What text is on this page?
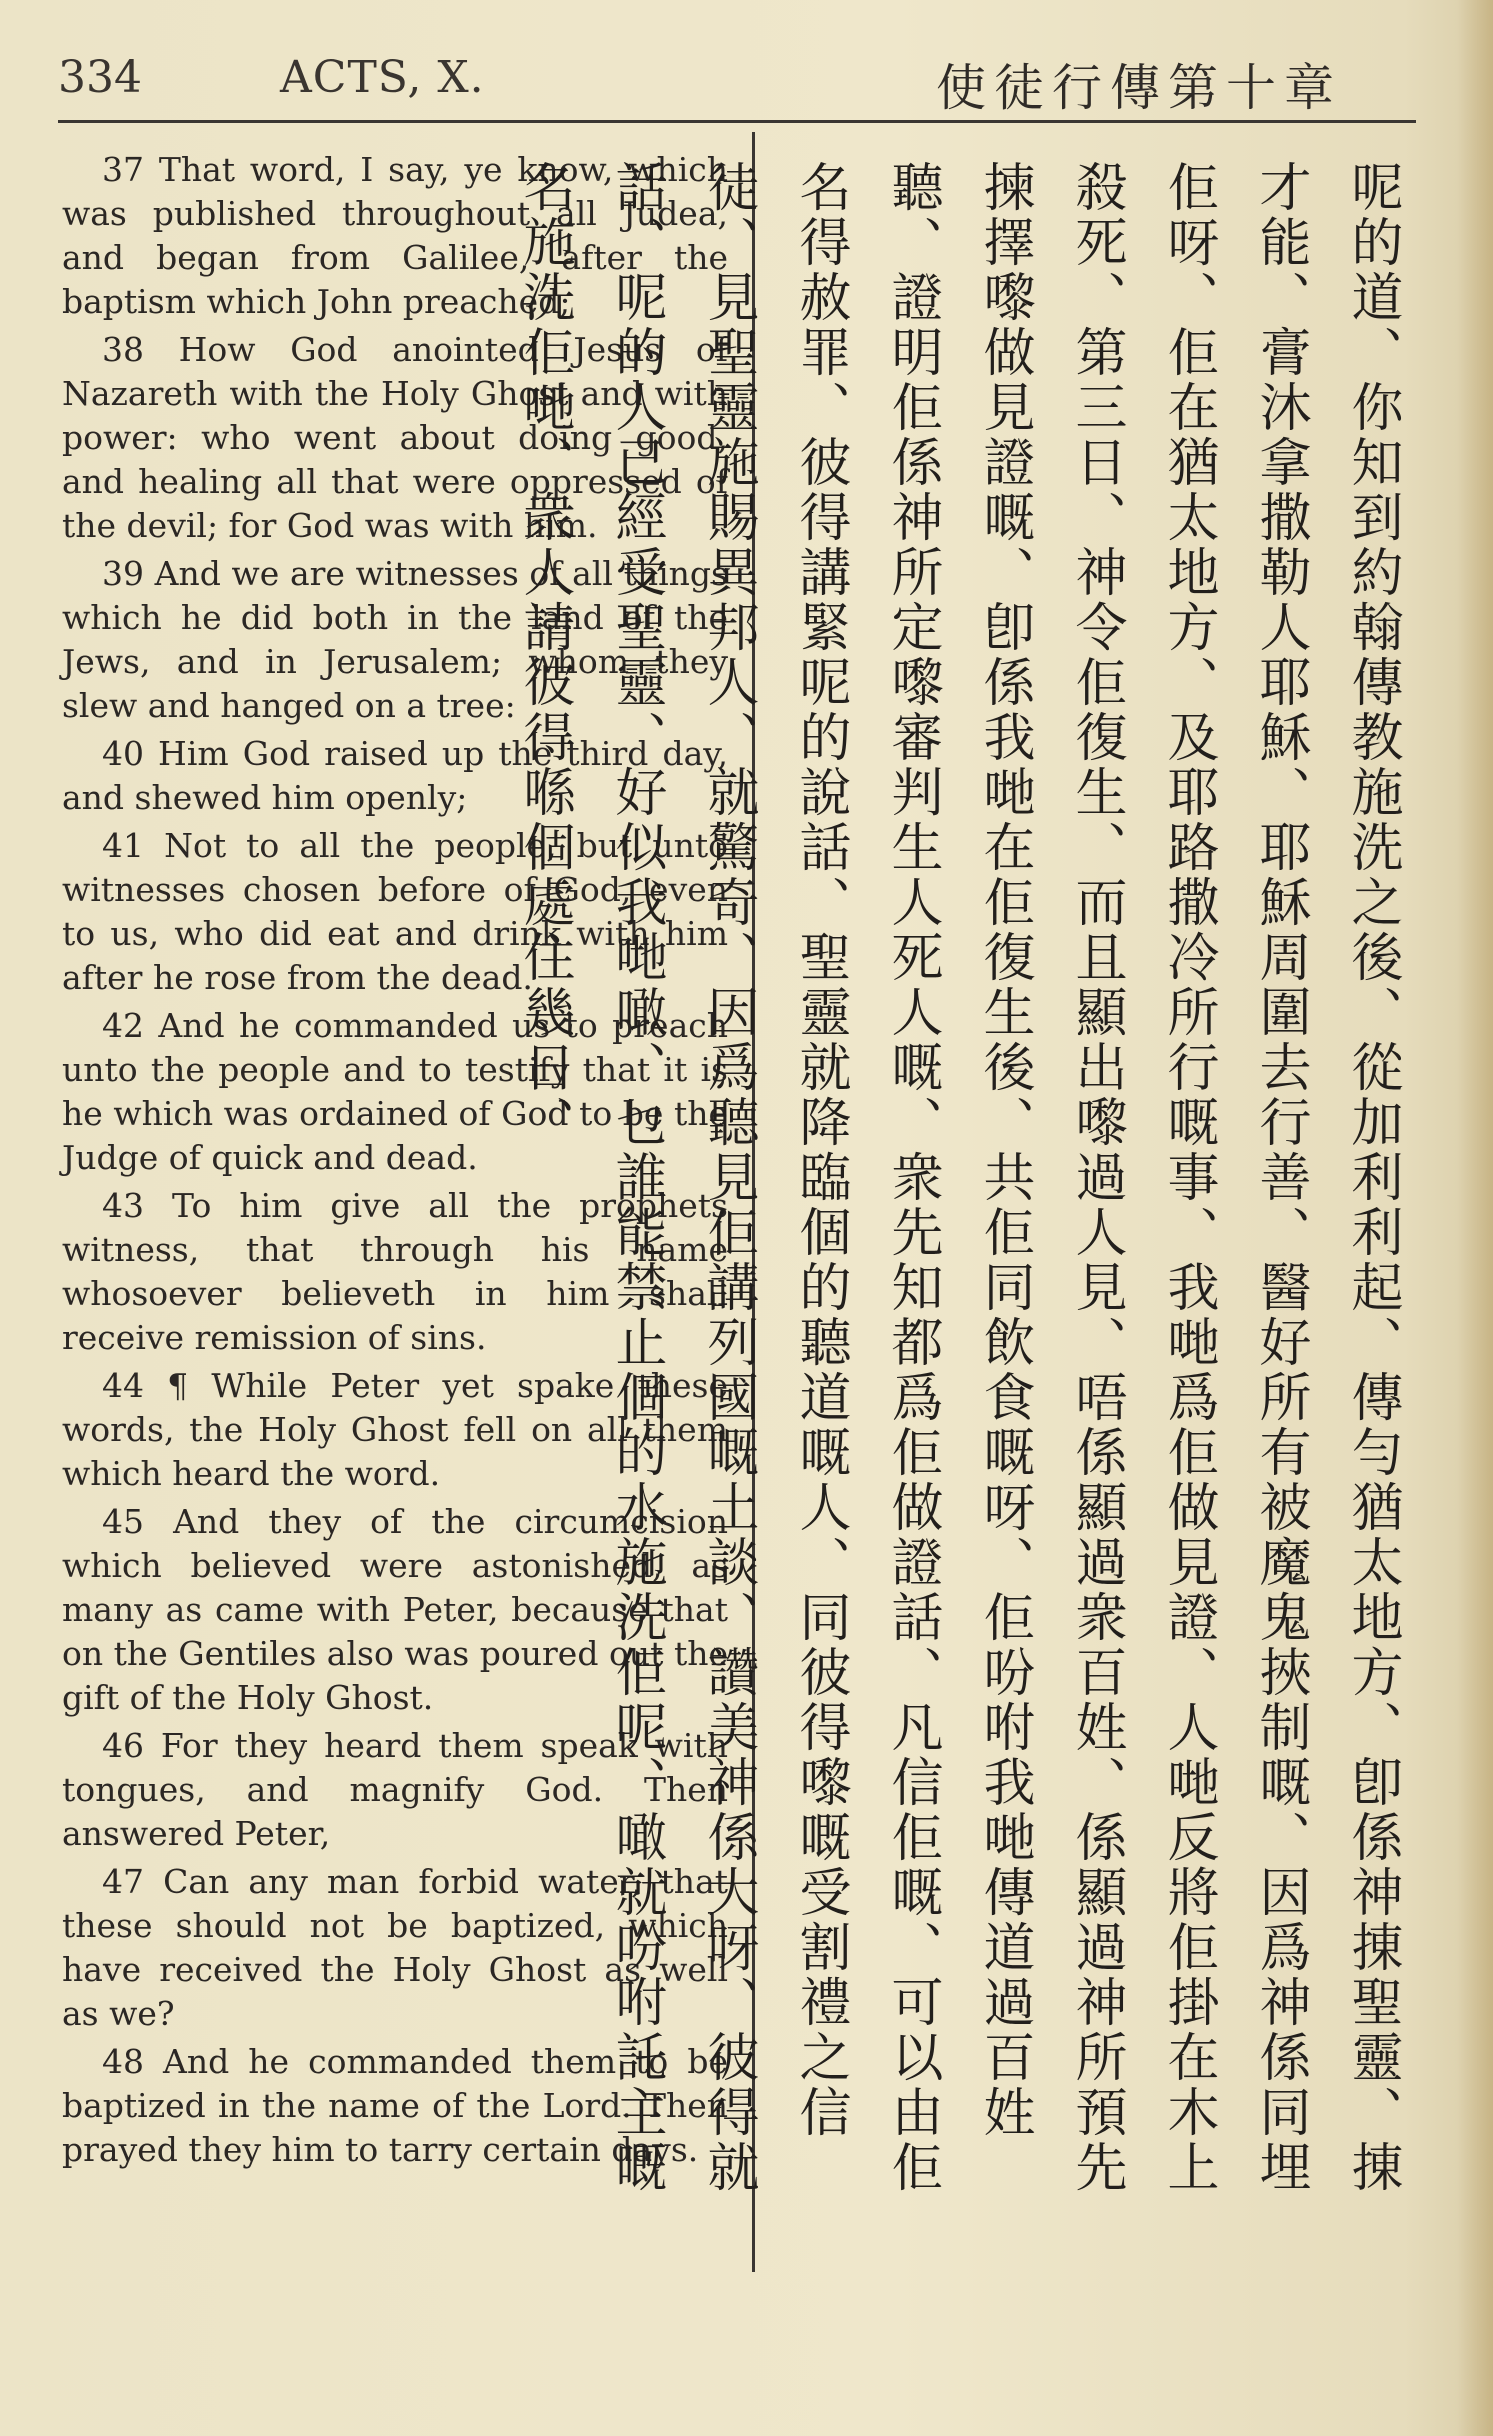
334	ACTS, X.	使徒行傳第十章

37 That word, I say, ye know, which was published throughout all Judea, and began from Galilee, after the baptism which John preached;

38 How God anointed Jesus of Nazareth with the Holy Ghost and with power: who went about doing good, and healing all that were oppressed of the devil; for God was with him.

39 And we are witnesses of all things which he did both in the land of the Jews, and in Jerusalem; whom they slew and hanged on a tree:

40 Him God raised up the third day, and shewed him openly;

41 Not to all the people, but unto witnesses chosen before of God, even to us, who did eat and drink with him after he rose from the dead.

42 And he commanded us to preach unto the people and to testify that it is he which was ordained of God to be the Judge of quick and dead.

43 To him give all the prophets witness, that through his name whosoever believeth in him shall receive remission of sins.

44 ¶ While Peter yet spake these words, the Holy Ghost fell on all them which heard the word.

45 And they of the circumcision which believed were astonished, as many as came with Peter, because that on the Gentiles also was poured out the gift of the Holy Ghost.

46 For they heard them speak with tongues, and magnify God. Then answered Peter,

47 Can any man forbid water, that these should not be baptized, which have received the Holy Ghost as well as we?

48 And he commanded them to be baptized in the name of the Lord. Then prayed they him to tarry certain days.	呢的道、你知到約翰傳教施洗之後、從加利利起、傳勻猶太地方、卽係神㨂聖靈、㨂才能、膏沐拿撒勒人耶穌、耶穌周圍去行善、醫好所有被魔鬼挾制嘅、因爲神係同埋佢呀、佢在猶太地方、及耶路撒冷所行嘅事、我哋爲佢做見證、人哋反將佢掛在木上殺死、第三日、神令佢復生、而且顯出嚟過人見、唔係顯過衆百姓、係顯過神所預先揀擇嚟做見證嘅、卽係我哋在佢復生後、共佢同飲食嘅呀、佢吩咐我哋傳道過百姓聽、證明佢係神所定嚟審判生人死人嘅、衆先知都爲佢做證話、凡信佢嘅、可以由佢名得赦罪、彼得講緊呢的說話、聖靈就降臨個的聽道嘅人、同彼得嚟嘅受割禮之信徒、見聖靈施賜異邦人、就驚奇、因爲聽見佢講列國嘅土談、讚美神係大呀、彼得就話、呢的人已經受聖靈、好似我哋噉、乜誰能禁止個的水施洗佢呢、噉就吩咐託主嘅名施洗佢哋、衆人請彼得喺個處住幾日、
